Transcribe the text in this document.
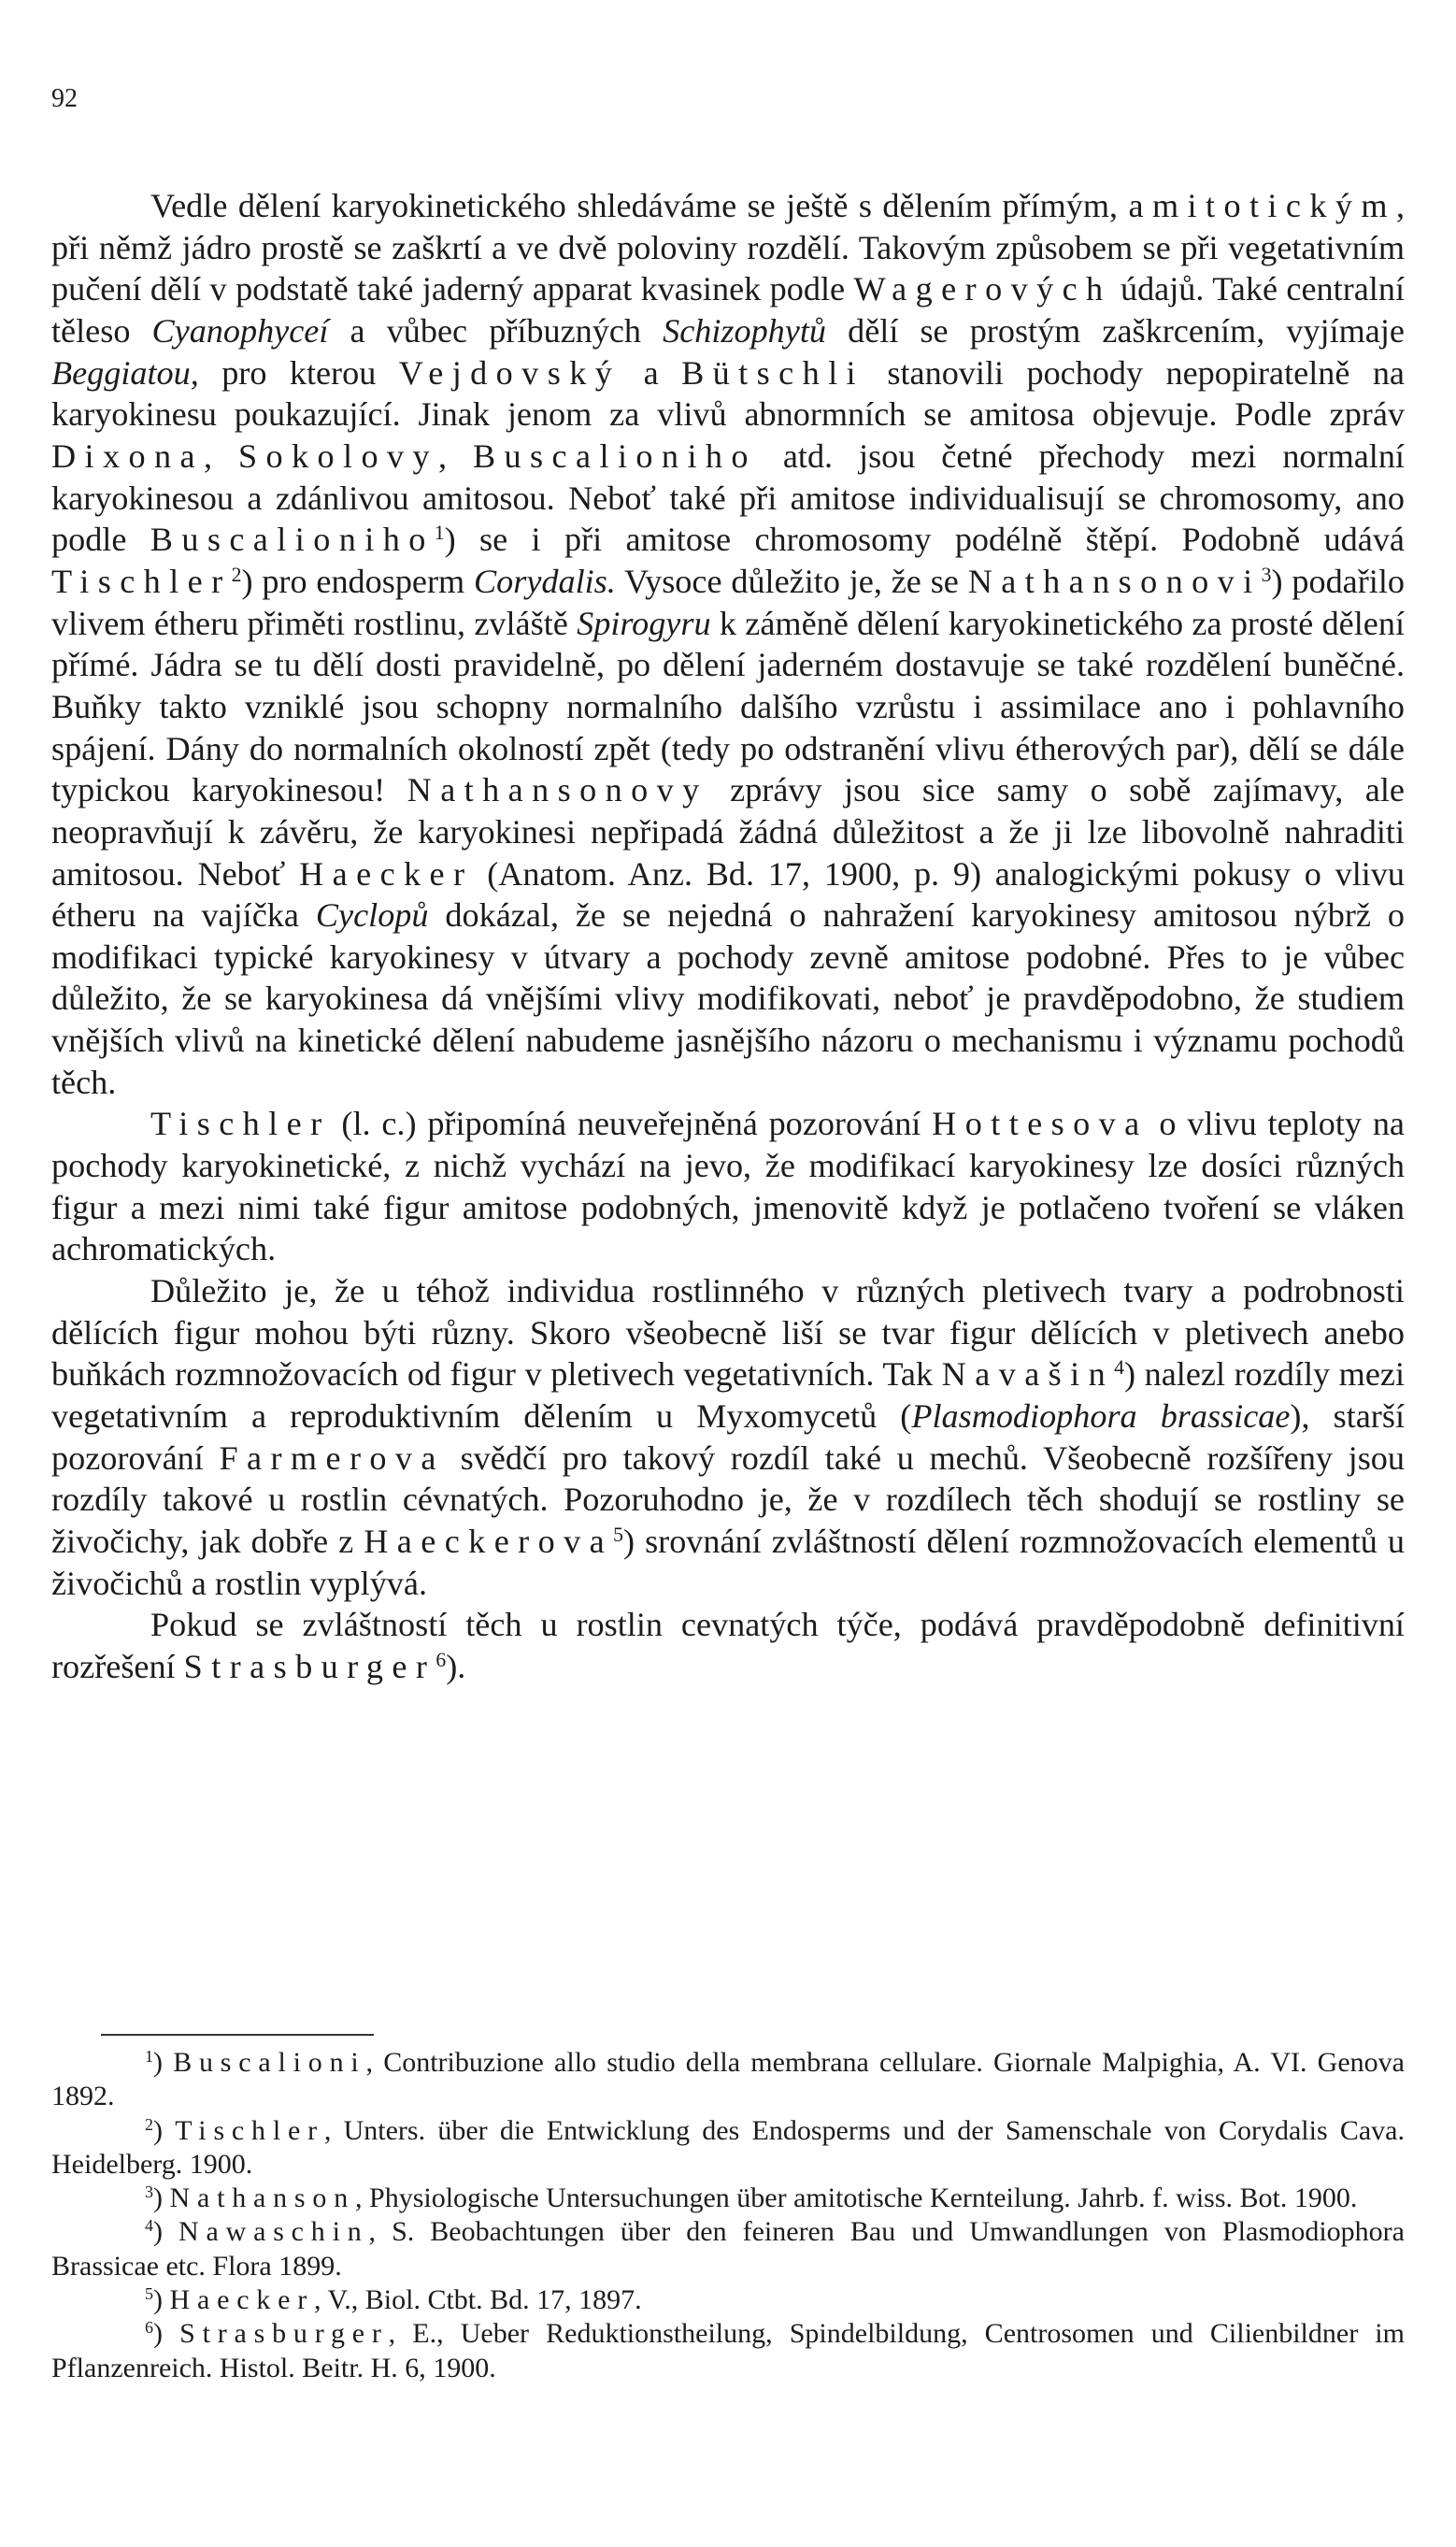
92

Vedle dělení karyokinetického shledáváme se ještě s dělením přímým, amitotickým, při němž jádro prostě se zaškrtí a ve dvě poloviny rozdělí. Takovým způsobem se při vegetativním pučení dělí v podstatě také jaderný apparat kvasinek podle Wagerových údajů. Také centralní těleso Cyanophyceí a vůbec příbuzných Schizophytů dělí se prostým zaškrcením, vyjímaje Beggiatou, pro kterou Vejdovský a Bütschli stanovili pochody nepopiratelně na karyokinesu poukazující. Jinak jenom za vlivů abnormních se amitosa objevuje. Podle zpráv Dixona, Sokolovy, Buscalioniho atd. jsou četné přechody mezi normalní karyokinesou a zdánlivou amitosou. Neboť také při amitose individualisují se chromosomy, ano podle Buscalioniho$^1$) se i při amitose chromosomy podélně štěpí. Podobně udává Tischler$^2$) pro endosperm Corydalis. Vysoce důležito je, že se Nathansonovi$^3$) podařilo vlivem étheru přiměti rostlinu, zvláště Spirogyru k záměně dělení karyokinetického za prosté dělení přímé. Jádra se tu dělí dosti pravidelně, po dělení jaderném dostavuje se také rozdělení buněčné. Buňky takto vzniklé jsou schopny normalního dalšího vzrůstu i assimilace ano i pohlavního spájení. Dány do normalních okolností zpět (tedy po odstranění vlivu étherových par), dělí se dále typickou karyokinesou! Nathansonovy zprávy jsou sice samy o sobě zajímavy, ale neopravňují k závěru, že karyokinesi nepřipadá žádná důležitost a že ji lze libovolně nahraditi amitosou. Neboť Haecker (Anatom. Anz. Bd. 17, 1900, p. 9) analogickými pokusy o vlivu étheru na vajíčka Cyclopů dokázal, že se nejedná o nahražení karyokinesy amitosou nýbrž o modifikaci typické karyokinesy v útvary a pochody zevně amitose podobné. Přes to je vůbec důležito, že se karyokinesa dá vnějšími vlivy modifikovati, neboť je pravděpodobno, že studiem vnějších vlivů na kinetické dělení nabudeme jasnějšího názoru o mechanismu i významu pochodů těch.

Tischler (l. c.) připomíná neuveřejněná pozorování Hottesova o vlivu teploty na pochody karyokinetické, z nichž vychází na jevo, že modifikací karyokinesy lze dosíci různých figur a mezi nimi také figur amitose podobných, jmenovitě když je potlačeno tvoření se vláken achromatických.

Důležito je, že u téhož individua rostlinného v různých pletivech tvary a podrobnosti dělících figur mohou býti různy. Skoro všeobecně liší se tvar figur dělících v pletivech anebo buňkách rozmnožovacích od figur v pletivech vegetativních. Tak Navašin$^4$) nalezl rozdíly mezi vegetativním a reproduktivním dělením u Myxomycetů (Plasmodiophora brassicae), starší pozorování Farmerova svědčí pro takový rozdíl také u mechů. Všeobecně rozšířeny jsou rozdíly takové u rostlin cévnatých. Pozoruhodno je, že v rozdílech těch shodují se rostliny se živočichy, jak dobře z Haeckerova$^5$) srovnání zvláštností dělení rozmnožovacích elementů u živočichů a rostlin vyplývá.

Pokud se zvláštností těch u rostlin cevnatých týče, podává pravděpodobně definitivní rozřešení Strasburger$^6$).

$^1$) Buscalioni, Contribuzione allo studio della membrana cellulare. Giornale Malpighia, A. VI. Genova 1892.

$^2$) Tischler, Unters. über die Entwicklung des Endosperms und der Samenschale von Corydalis Cava. Heidelberg. 1900.

$^3$) Nathanson, Physiologische Untersuchungen über amitotische Kernteilung. Jahrb. f. wiss. Bot. 1900.

$^4$) Nawaschin, S. Beobachtungen über den feineren Bau und Umwandlungen von Plasmodiophora Brassicae etc. Flora 1899.

$^5$) Haecker, V., Biol. Ctbt. Bd. 17, 1897.

$^6$) Strasburger, E., Ueber Reduktionstheilung, Spindelbildung, Centrosomen und Cilienbildner im Pflanzenreich. Histol. Beitr. H. 6, 1900.
